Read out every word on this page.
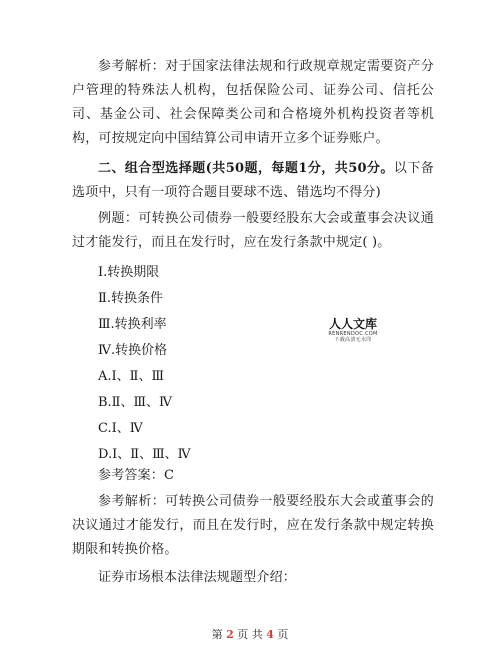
参考解析：对于国家法律法规和行政规章规定需要资产分户管理的特殊法人机构，包括保险公司、证券公司、信托公司、基金公司、社会保障类公司和合格境外机构投资者等机构，可按规定向中国结算公司申请开立多个证券账户。

二、组合型选择题(共50题，每题1分，共50分。以下备选项中，只有一项符合题目要球不选、错选均不得分)

例题：可转换公司债券一般要经股东大会或董事会决议通过才能发行，而且在发行时，应在发行条款中规定( )。

Ⅰ.转换期限

Ⅱ.转换条件

Ⅲ.转换利率

Ⅳ.转换价格

A.Ⅰ、Ⅱ、Ⅲ

B.Ⅱ、Ⅲ、Ⅳ

C.Ⅰ、Ⅳ

D.Ⅰ、Ⅱ、Ⅲ、Ⅳ

参考答案：C

参考解析：可转换公司债券一般要经股东大会或董事会的决议通过才能发行，而且在发行时，应在发行条款中规定转换期限和转换价格。

证券市场根本法律法规题型介绍：

人人文库
RENRENDOC.COM
下载高清无水印
第 2 页 共 4 页
